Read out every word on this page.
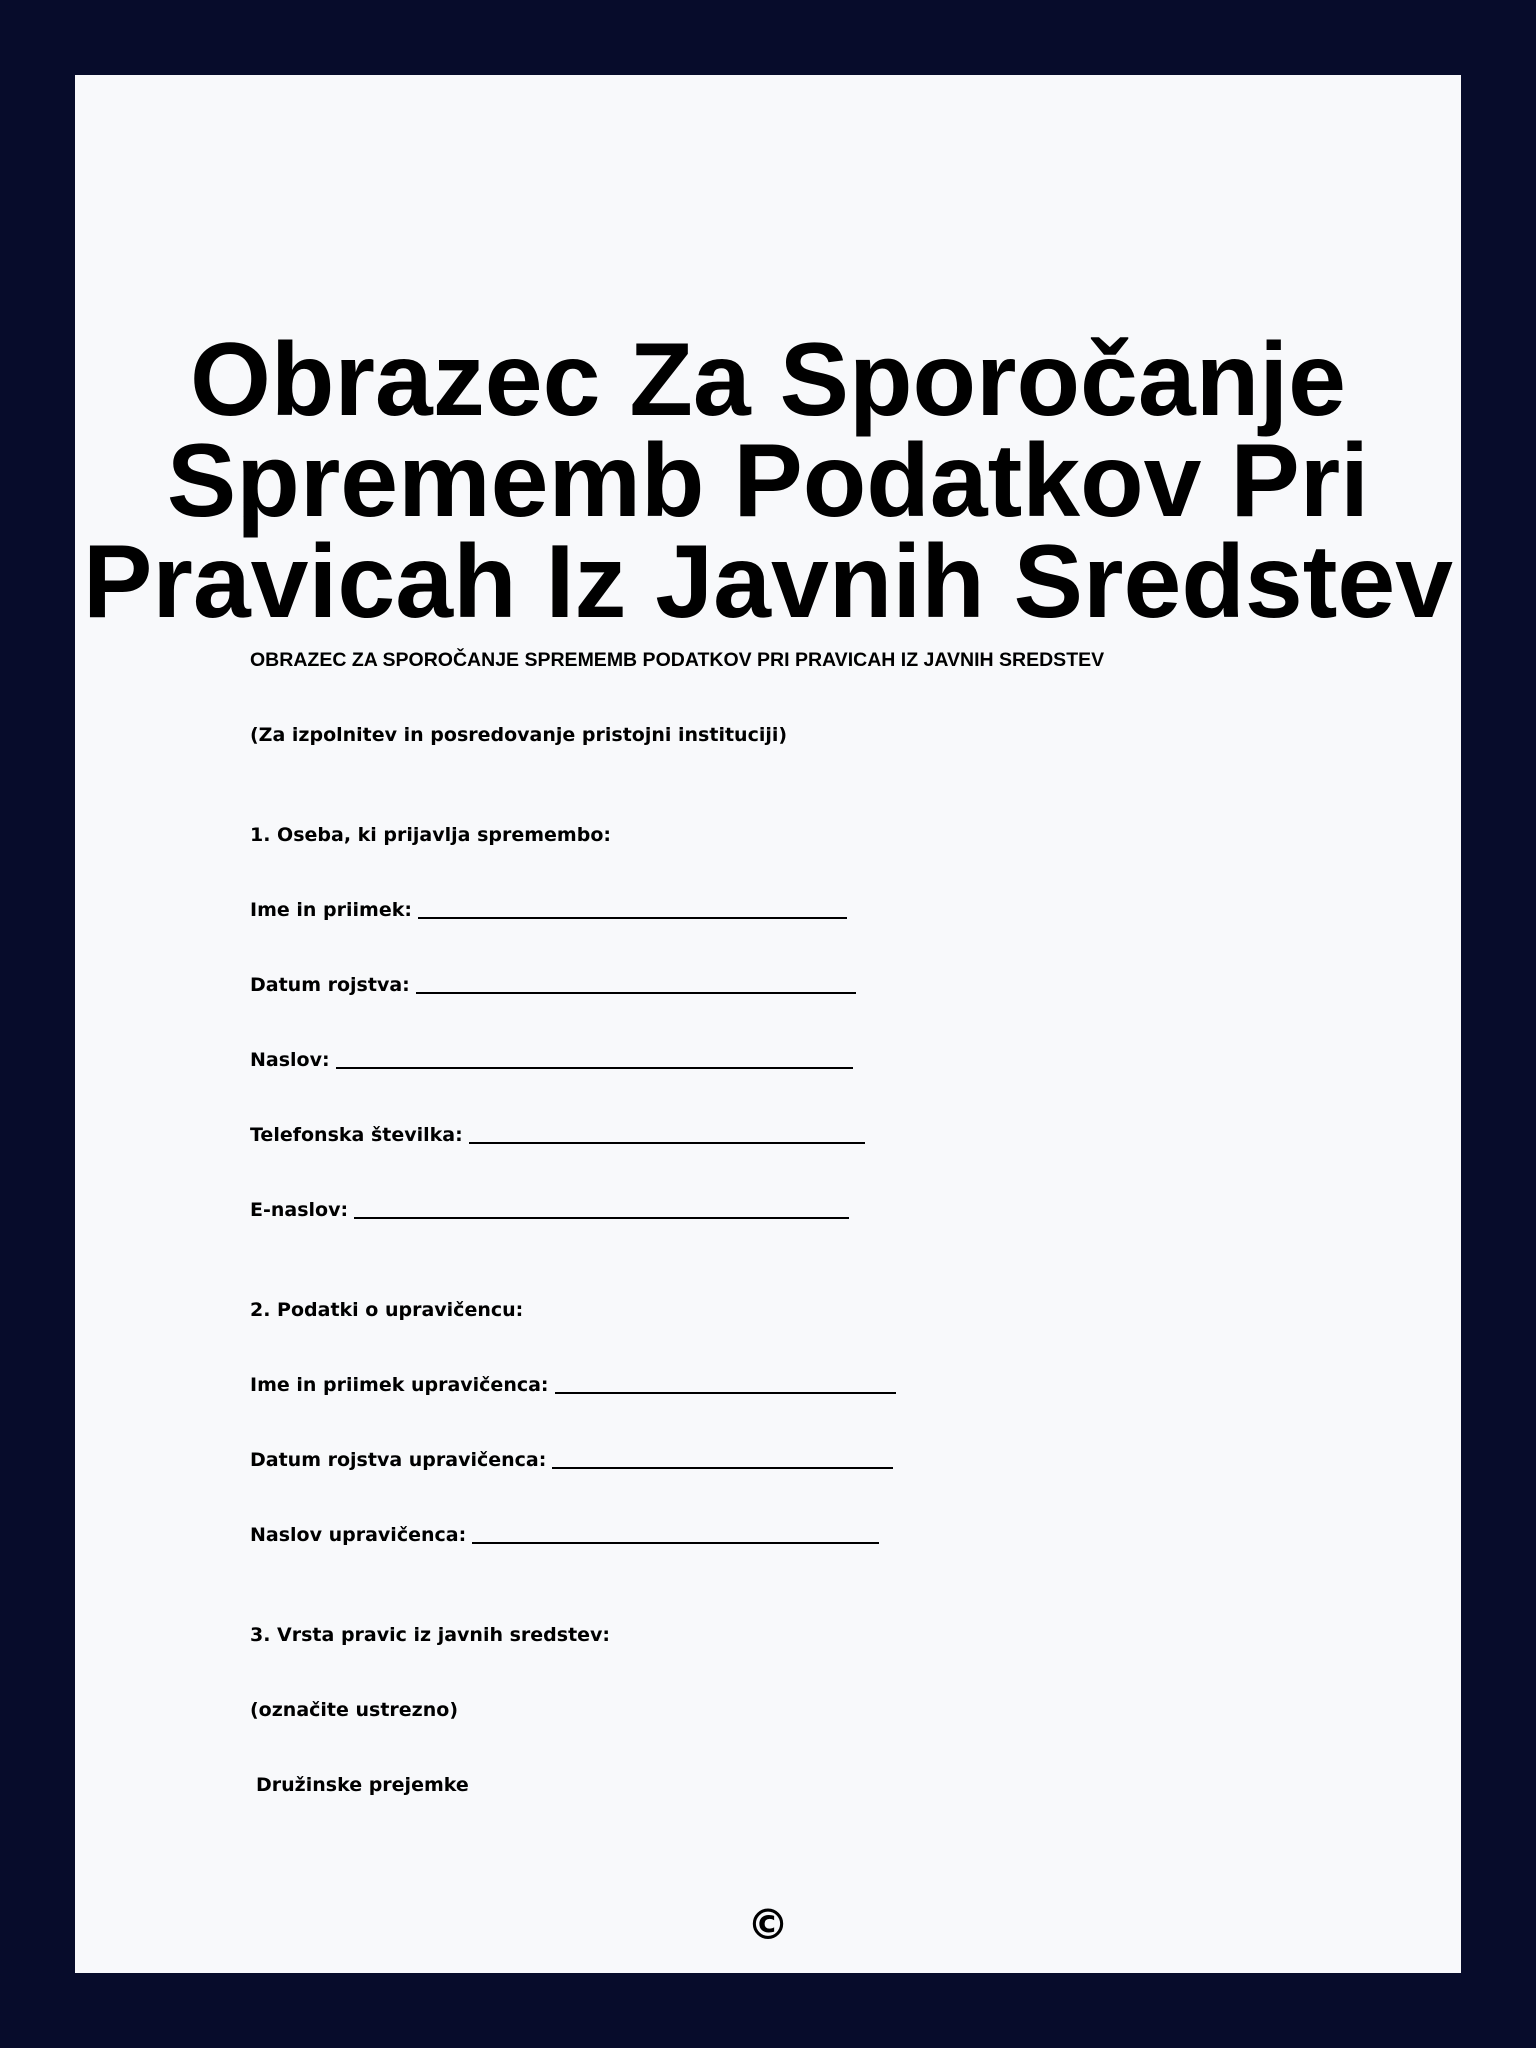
Obrazec Za Sporočanje Sprememb Podatkov Pri Pravicah Iz Javnih Sredstev

OBRAZEC ZA SPOROČANJE SPREMEMB PODATKOV PRI PRAVICAH IZ JAVNIH SREDSTEV

(Za izpolnitev in posredovanje pristojni instituciji)

1. Oseba, ki prijavlja spremembo:

Ime in priimek:
Datum rojstva:
Naslov:
Telefonska številka:
E-naslov:

2. Podatki o upravičencu:

Ime in priimek upravičenca:
Datum rojstva upravičenca:
Naslov upravičenca:

3. Vrsta pravic iz javnih sredstev:

(označite ustrezno)

Družinske prejemke
©
